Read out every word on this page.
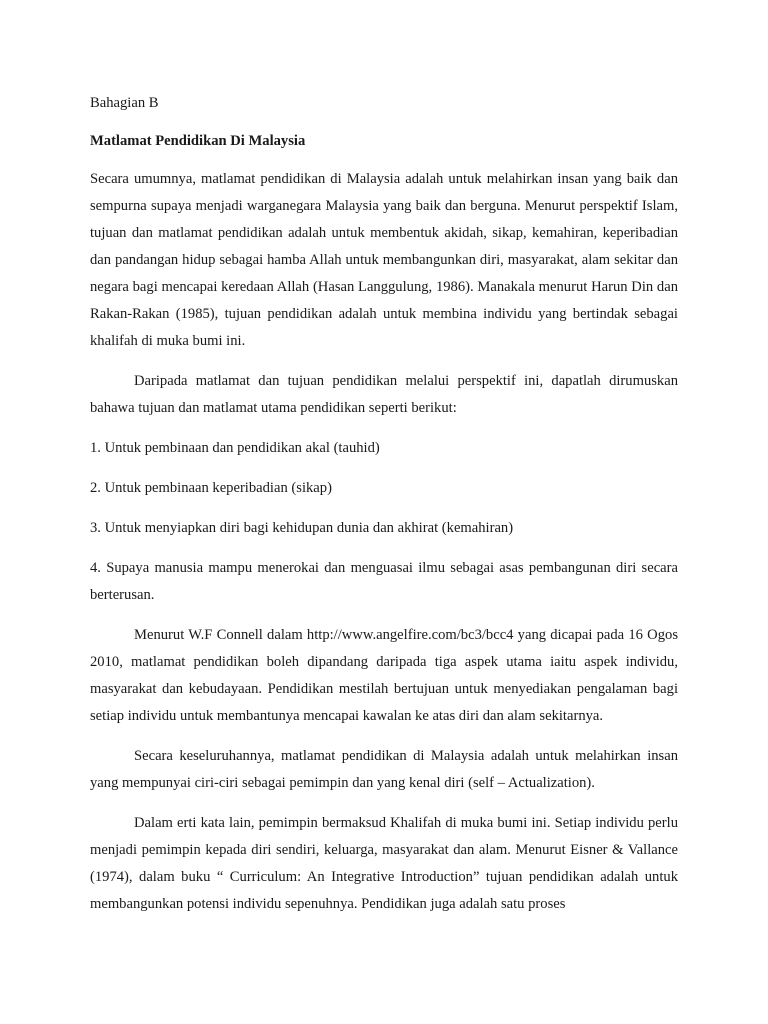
Bahagian B

Matlamat Pendidikan Di Malaysia

Secara umumnya, matlamat pendidikan di Malaysia adalah untuk melahirkan insan yang baik dan sempurna supaya menjadi warganegara Malaysia yang baik dan berguna. Menurut perspektif Islam, tujuan dan matlamat pendidikan adalah untuk membentuk akidah, sikap, kemahiran, keperibadian dan pandangan hidup sebagai hamba Allah untuk membangunkan diri, masyarakat, alam sekitar dan negara bagi mencapai keredaan Allah (Hasan Langgulung, 1986). Manakala menurut Harun Din dan Rakan-Rakan (1985), tujuan pendidikan adalah untuk membina individu yang bertindak sebagai khalifah di muka bumi ini.

Daripada matlamat dan tujuan pendidikan melalui perspektif ini, dapatlah dirumuskan bahawa tujuan dan matlamat utama pendidikan seperti berikut:

1. Untuk pembinaan dan pendidikan akal (tauhid)

2. Untuk pembinaan keperibadian (sikap)

3. Untuk menyiapkan diri bagi kehidupan dunia dan akhirat (kemahiran)

4. Supaya manusia mampu menerokai dan menguasai ilmu sebagai asas pembangunan diri secara berterusan.

Menurut W.F Connell dalam http://www.angelfire.com/bc3/bcc4 yang dicapai pada 16 Ogos 2010, matlamat pendidikan boleh dipandang daripada tiga aspek utama iaitu aspek individu, masyarakat dan kebudayaan. Pendidikan mestilah bertujuan untuk menyediakan pengalaman bagi setiap individu untuk membantunya mencapai kawalan ke atas diri dan alam sekitarnya.

Secara keseluruhannya, matlamat pendidikan di Malaysia adalah untuk melahirkan insan yang mempunyai ciri-ciri sebagai pemimpin dan yang kenal diri (self – Actualization).

Dalam erti kata lain, pemimpin bermaksud Khalifah di muka bumi ini. Setiap individu perlu menjadi pemimpin kepada diri sendiri, keluarga, masyarakat dan alam. Menurut Eisner & Vallance (1974), dalam buku “ Curriculum: An Integrative Introduction” tujuan pendidikan adalah untuk membangunkan potensi individu sepenuhnya. Pendidikan juga adalah satu proses
